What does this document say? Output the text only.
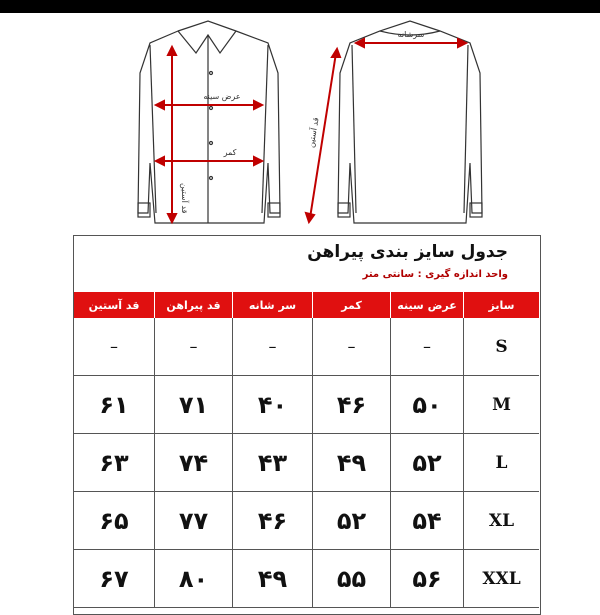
عرض سینه
کمر
قد آستین
سرشانه
قد آستین
جدول سایز بندی پیراهن
واحد اندازه گیری : سانتی متر
سایز
عرض سینه
کمر
سر شانه
قد پیراهن
قد آستین
S
–
–
–
–
–
M
۵۰
۴۶
۴۰
۷۱
۶۱
L
۵۲
۴۹
۴۳
۷۴
۶۳
XL
۵۴
۵۲
۴۶
۷۷
۶۵
XXL
۵۶
۵۵
۴۹
۸۰
۶۷
